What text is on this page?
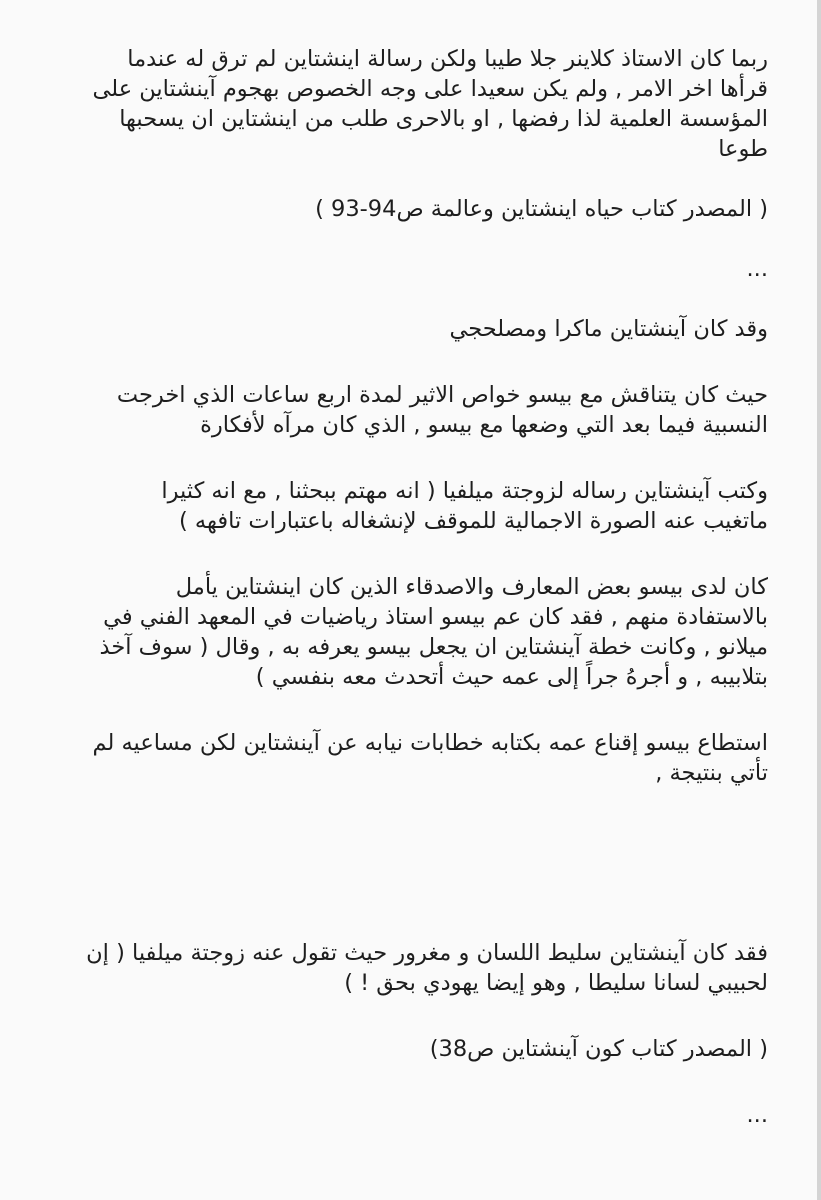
ربما كان الاستاذ كلاينر جلا طيبا ولكن رسالة اينشتاين لم ترق له عندما
قرأها اخر الامر , ولم يكن سعيدا على وجه الخصوص بهجوم آينشتاين على
المؤسسة العلمية لذا رفضها , او بالاحرى طلب من اينشتاين ان يسحبها
طوعا
( المصدر كتاب حياه اينشتاين وعالمة ص94-93 )
...
وقد كان آينشتاين ماكرا ومصلحجي
حيث كان يتناقش مع بيسو خواص الاثير لمدة اربع ساعات الذي اخرجت
النسبية فيما بعد التي وضعها مع بيسو , الذي كان مرآه لأفكارة
وكتب آينشتاين رساله لزوجتة ميلفيا ( انه مهتم ببحثنا , مع انه كثيرا
ماتغيب عنه الصورة الاجمالية للموقف لإنشغاله باعتبارات تافهه )
كان لدى بيسو بعض المعارف والاصدقاء الذين كان اينشتاين يأمل
بالاستفادة منهم , فقد كان عم بيسو استاذ رياضيات في المعهد الفني في
ميلانو , وكانت خطة آينشتاين ان يجعل بيسو يعرفه به , وقال ( سوف آخذ
بتلابيبه , و أجرهُ جراً إلى عمه حيث أتحدث معه بنفسي )
استطاع بيسو إقناع عمه بكتابه خطابات نيابه عن آينشتاين لكن مساعيه لم
تأتي بنتيجة ,
فقد كان آينشتاين سليط اللسان و مغرور حيث تقول عنه زوجتة ميلفيا ( إن
لحبيبي لسانا سليطا , وهو إيضا يهودي بحق ! )
( المصدر كتاب كون آينشتاين ص38)
...
